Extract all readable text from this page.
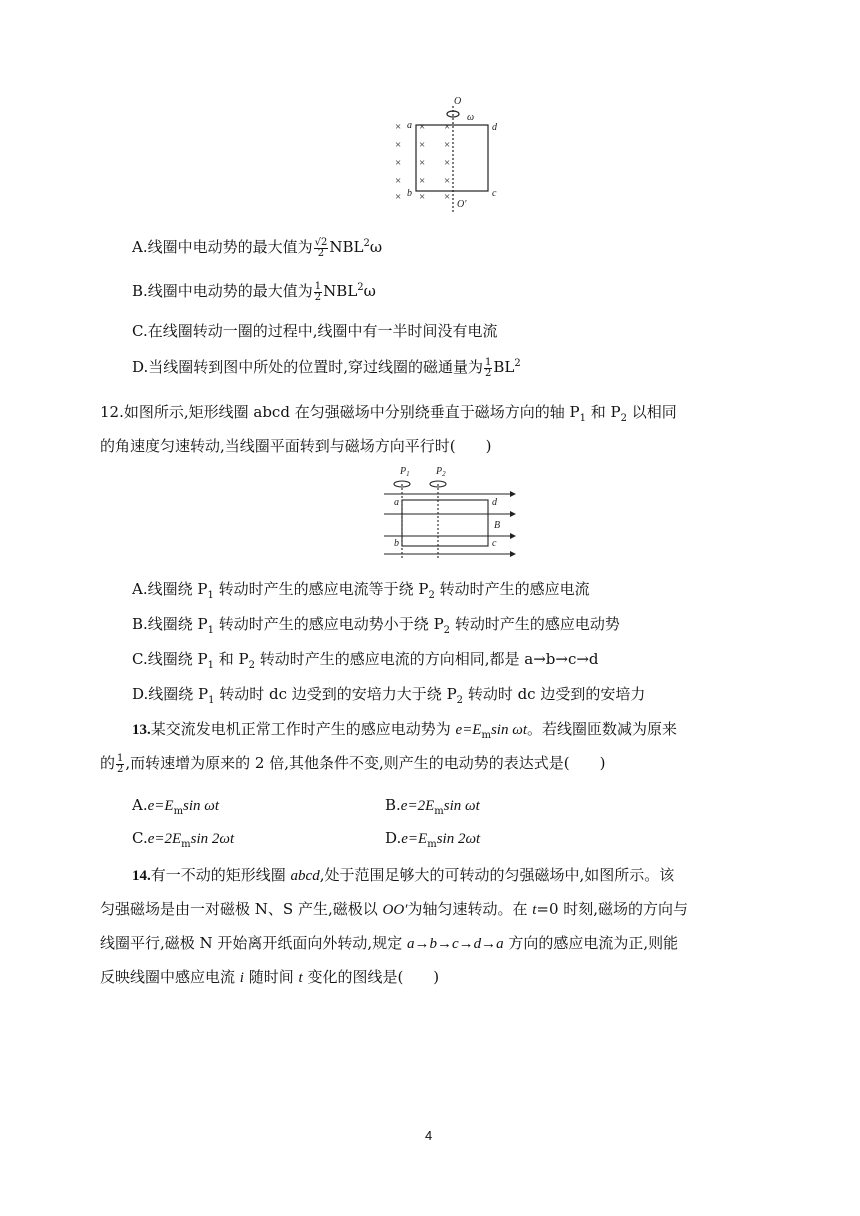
×
×
×
×
×
×
×
×
×
×
×
×
×
×
×
a
b	c
d
O
O′
ω
A.线圈中电动势的最大值为 $\frac{√2}{2} NBL^2\omega$
B.线圈中电动势的最大值为 $\frac{1}{2} NBL^2\omega$
C.在线圈转动一圈的过程中,线圈中有一半时间没有电流
D.当线圈转到图中所处的位置时,穿过线圈的磁通量为 $\frac{1}{2} BL^2$
12.如图所示,矩形线圈 abcd 在匀强磁场中分别绕垂直于磁场方向的轴 $P_1$ 和 $P_2$ 以相同
的角速度匀速转动,当线圈平面转到与磁场方向平行时(　　)
$P_1$	$P_2$
a
b	c
d
B
A.线圈绕 $P_1$ 转动时产生的感应电流等于绕 $P_2$ 转动时产生的感应电流
B.线圈绕 $P_1$ 转动时产生的感应电动势小于绕 $P_2$ 转动时产生的感应电动势
C.线圈绕 $P_1$ 和 $P_2$ 转动时产生的感应电流的方向相同,都是 a→b→c→d
D.线圈绕 $P_1$ 转动时 dc 边受到的安培力大于绕 $P_2$ 转动时 dc 边受到的安培力
13.某交流发电机正常工作时产生的感应电动势为 $e=E_m\sin$ ωt。若线圈匝数减为原来
的 $\frac{1}{2}$ ,而转速增为原来的 2 倍,其他条件不变,则产生的电动势的表达式是(　　)
$A.e=E_m\sin$ ωt	$B.e=2E_m\sin$ ωt
$C.e=2E_m\sin$ 2ωt	$D.e=E_m\sin$ 2ωt
14.有一不动的矩形线圈 abcd,处于范围足够大的可转动的匀强磁场中,如图所示。该
匀强磁场是由一对磁极 N、S 产生,磁极以 OO′为轴匀速转动。在 t=0 时刻,磁场的方向与
线圈平行,磁极 N 开始离开纸面向外转动,规定 a→b→c→d→a 方向的感应电流为正,则能
反映线圈中感应电流 i 随时间 t 变化的图线是(　　)
4
